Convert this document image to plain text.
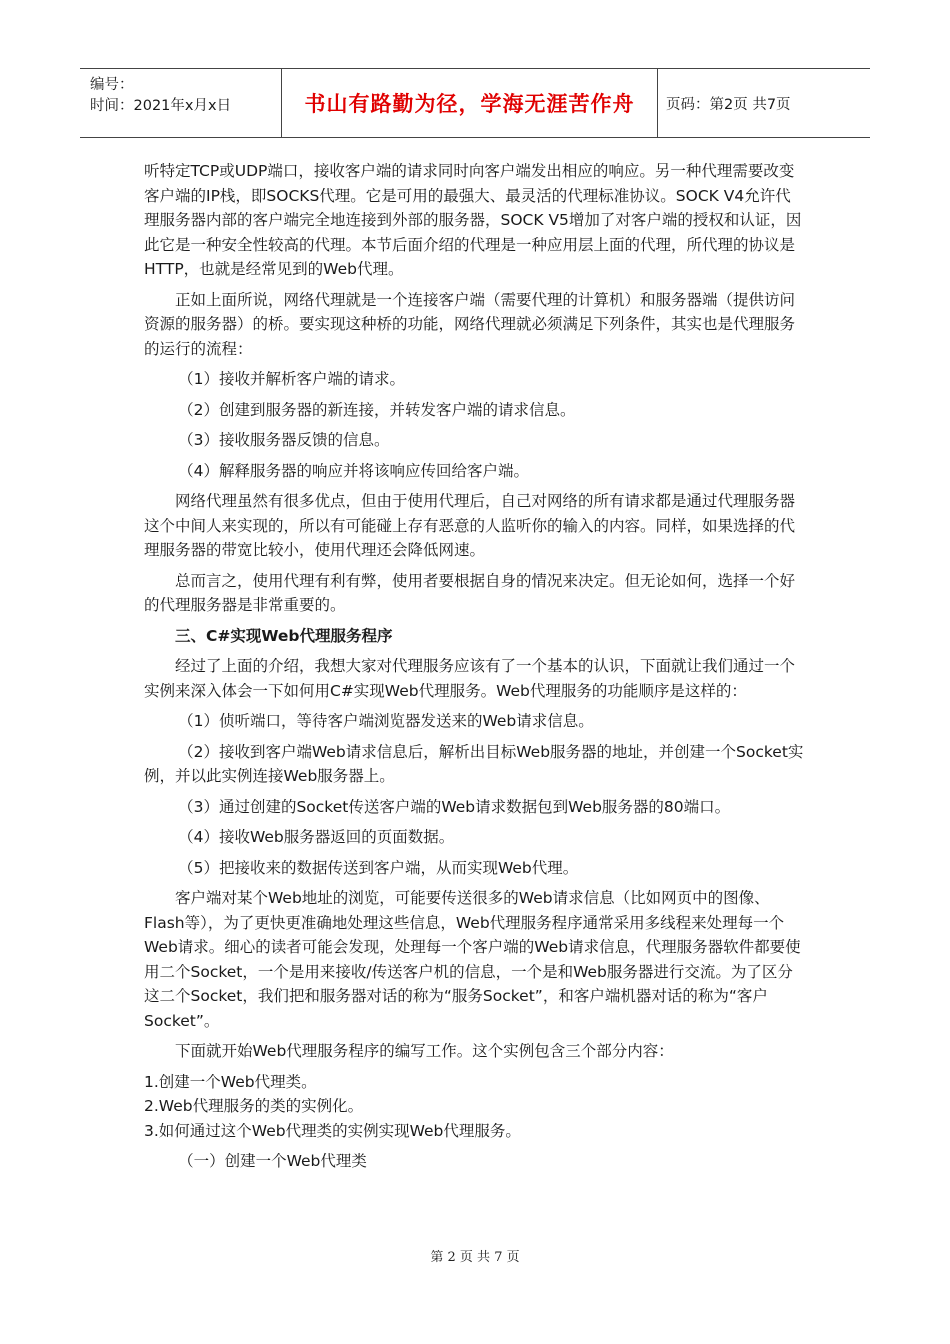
编号：
时间：2021年x月x日	书山有路勤为径，学海无涯苦作舟 页码：第2页 共7页

听特定TCP或UDP端口，接收客户端的请求同时向客户端发出相应的响应。另一种代理需要改变客户端的IP栈，即SOCKS代理。它是可用的最强大、最灵活的代理标准协议。SOCK V4允许代理服务器内部的客户端完全地连接到外部的服务器，SOCK V5增加了对客户端的授权和认证，因此它是一种安全性较高的代理。本节后面介绍的代理是一种应用层上面的代理，所代理的协议是HTTP，也就是经常见到的Web代理。

正如上面所说，网络代理就是一个连接客户端（需要代理的计算机）和服务器端（提供访问资源的服务器）的桥。要实现这种桥的功能，网络代理就必须满足下列条件，其实也是代理服务的运行的流程：

（1）接收并解析客户端的请求。

（2）创建到服务器的新连接，并转发客户端的请求信息。

（3）接收服务器反馈的信息。

（4）解释服务器的响应并将该响应传回给客户端。

网络代理虽然有很多优点，但由于使用代理后，自己对网络的所有请求都是通过代理服务器这个中间人来实现的，所以有可能碰上存有恶意的人监听你的输入的内容。同样，如果选择的代理服务器的带宽比较小，使用代理还会降低网速。

总而言之，使用代理有利有弊，使用者要根据自身的情况来决定。但无论如何，选择一个好的代理服务器是非常重要的。

三、C#实现Web代理服务程序

经过了上面的介绍，我想大家对代理服务应该有了一个基本的认识，下面就让我们通过一个实例来深入体会一下如何用C#实现Web代理服务。Web代理服务的功能顺序是这样的：

（1）侦听端口，等待客户端浏览器发送来的Web请求信息。

（2）接收到客户端Web请求信息后，解析出目标Web服务器的地址，并创建一个Socket实例，并以此实例连接Web服务器上。

（3）通过创建的Socket传送客户端的Web请求数据包到Web服务器的80端口。

（4）接收Web服务器返回的页面数据。

（5）把接收来的数据传送到客户端，从而实现Web代理。

客户端对某个Web地址的浏览，可能要传送很多的Web请求信息（比如网页中的图像、Flash等），为了更快更准确地处理这些信息，Web代理服务程序通常采用多线程来处理每一个Web请求。细心的读者可能会发现，处理每一个客户端的Web请求信息，代理服务器软件都要使用二个Socket，一个是用来接收/传送客户机的信息，一个是和Web服务器进行交流。为了区分这二个Socket，我们把和服务器对话的称为“服务Socket”，和客户端机器对话的称为“客户Socket”。

下面就开始Web代理服务程序的编写工作。这个实例包含三个部分内容：

1.创建一个Web代理类。

2.Web代理服务的类的实例化。

3.如何通过这个Web代理类的实例实现Web代理服务。

（一）创建一个Web代理类

第 2 页 共 7 页
